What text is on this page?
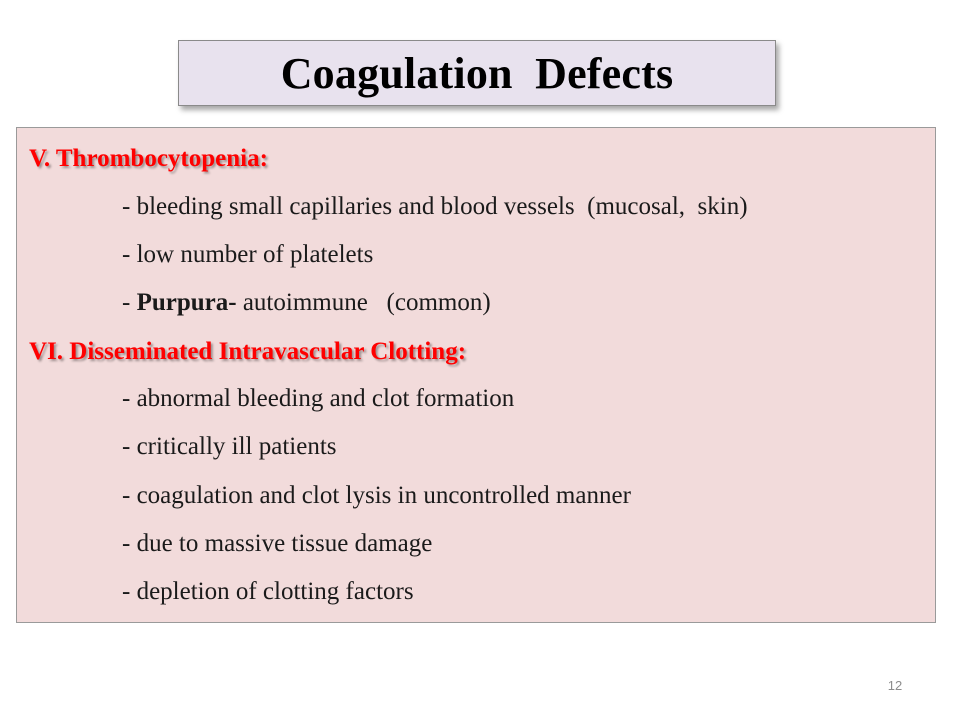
Coagulation  Defects
V. Thrombocytopenia:
- bleeding small capillaries and blood vessels  (mucosal,  skin)
- low number of platelets
- Purpura- autoimmune   (common)
VI. Disseminated Intravascular Clotting:
- abnormal bleeding and clot formation
- critically ill patients
- coagulation and clot lysis in uncontrolled manner
- due to massive tissue damage
- depletion of clotting factors
12
